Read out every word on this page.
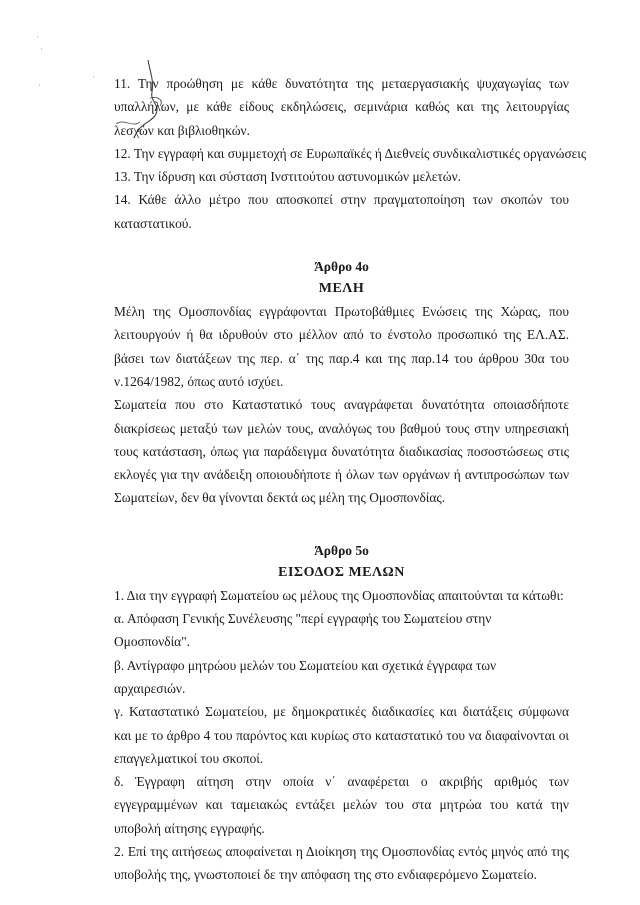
·
·
·
· 11. Την προώθηση με κάθε δυνατότητα της μεταεργασιακής ψυχαγωγίας των υπαλλήλων, με κάθε είδους εκδηλώσεις, σεμινάρια καθώς και της λειτουργίας λεσχών και βιβλιοθηκών.

12. Την εγγραφή και συμμετοχή σε Ευρωπαϊκές ή Διεθνείς συνδικαλιστικές οργανώσεις

13. Την ίδρυση και σύσταση Ινστιτούτου αστυνομικών μελετών.

14. Κάθε άλλο μέτρο που αποσκοπεί στην πραγματοποίηση των σκοπών του καταστατικού.

Άρθρο 4ο
ΜΕΛΗ

Μέλη της Ομοσπονδίας εγγράφονται Πρωτοβάθμιες Ενώσεις της Χώρας, που λειτουργούν ή θα ιδρυθούν στο μέλλον από το ένστολο προσωπικό της ΕΛ.ΑΣ. βάσει των διατάξεων της περ. α΄ της παρ.4 και της παρ.14 του άρθρου 30α του ν.1264/1982, όπως αυτό ισχύει.

Σωματεία που στο Καταστατικό τους αναγράφεται δυνατότητα οποιασδήποτε διακρίσεως μεταξύ των μελών τους, αναλόγως του βαθμού τους στην υπηρεσιακή τους κατάσταση, όπως για παράδειγμα δυνατότητα διαδικασίας ποσοστώσεως στις εκλογές για την ανάδειξη οποιουδήποτε ή όλων των οργάνων ή αντιπροσώπων των Σωματείων, δεν θα γίνονται δεκτά ως μέλη της Ομοσπονδίας.

Άρθρο 5ο
ΕΙΣΟΔΟΣ ΜΕΛΩΝ

1. Δια την εγγραφή Σωματείου ως μέλους της Ομοσπονδίας απαιτούνται τα κάτωθι:

α. Απόφαση Γενικής Συνέλευσης "περί εγγραφής του Σωματείου στην Ομοσπονδία".

β. Αντίγραφο μητρώου μελών του Σωματείου και σχετικά έγγραφα των αρχαιρεσιών.

γ. Καταστατικό Σωματείου, με δημοκρατικές διαδικασίες και διατάξεις σύμφωνα και με το άρθρο 4 του παρόντος και κυρίως στο καταστατικό του να διαφαίνονται οι επαγγελματικοί του σκοποί.

δ. Έγγραφη αίτηση στην οποία ν΄ αναφέρεται ο ακριβής αριθμός των εγγεγραμμένων και ταμειακώς εντάξει μελών του στα μητρώα του κατά την υποβολή αίτησης εγγραφής.

2. Επί της αιτήσεως αποφαίνεται η Διοίκηση της Ομοσπονδίας εντός μηνός από της υποβολής της, γνωστοποιεί δε την απόφαση της στο ενδιαφερόμενο Σωματείο.
